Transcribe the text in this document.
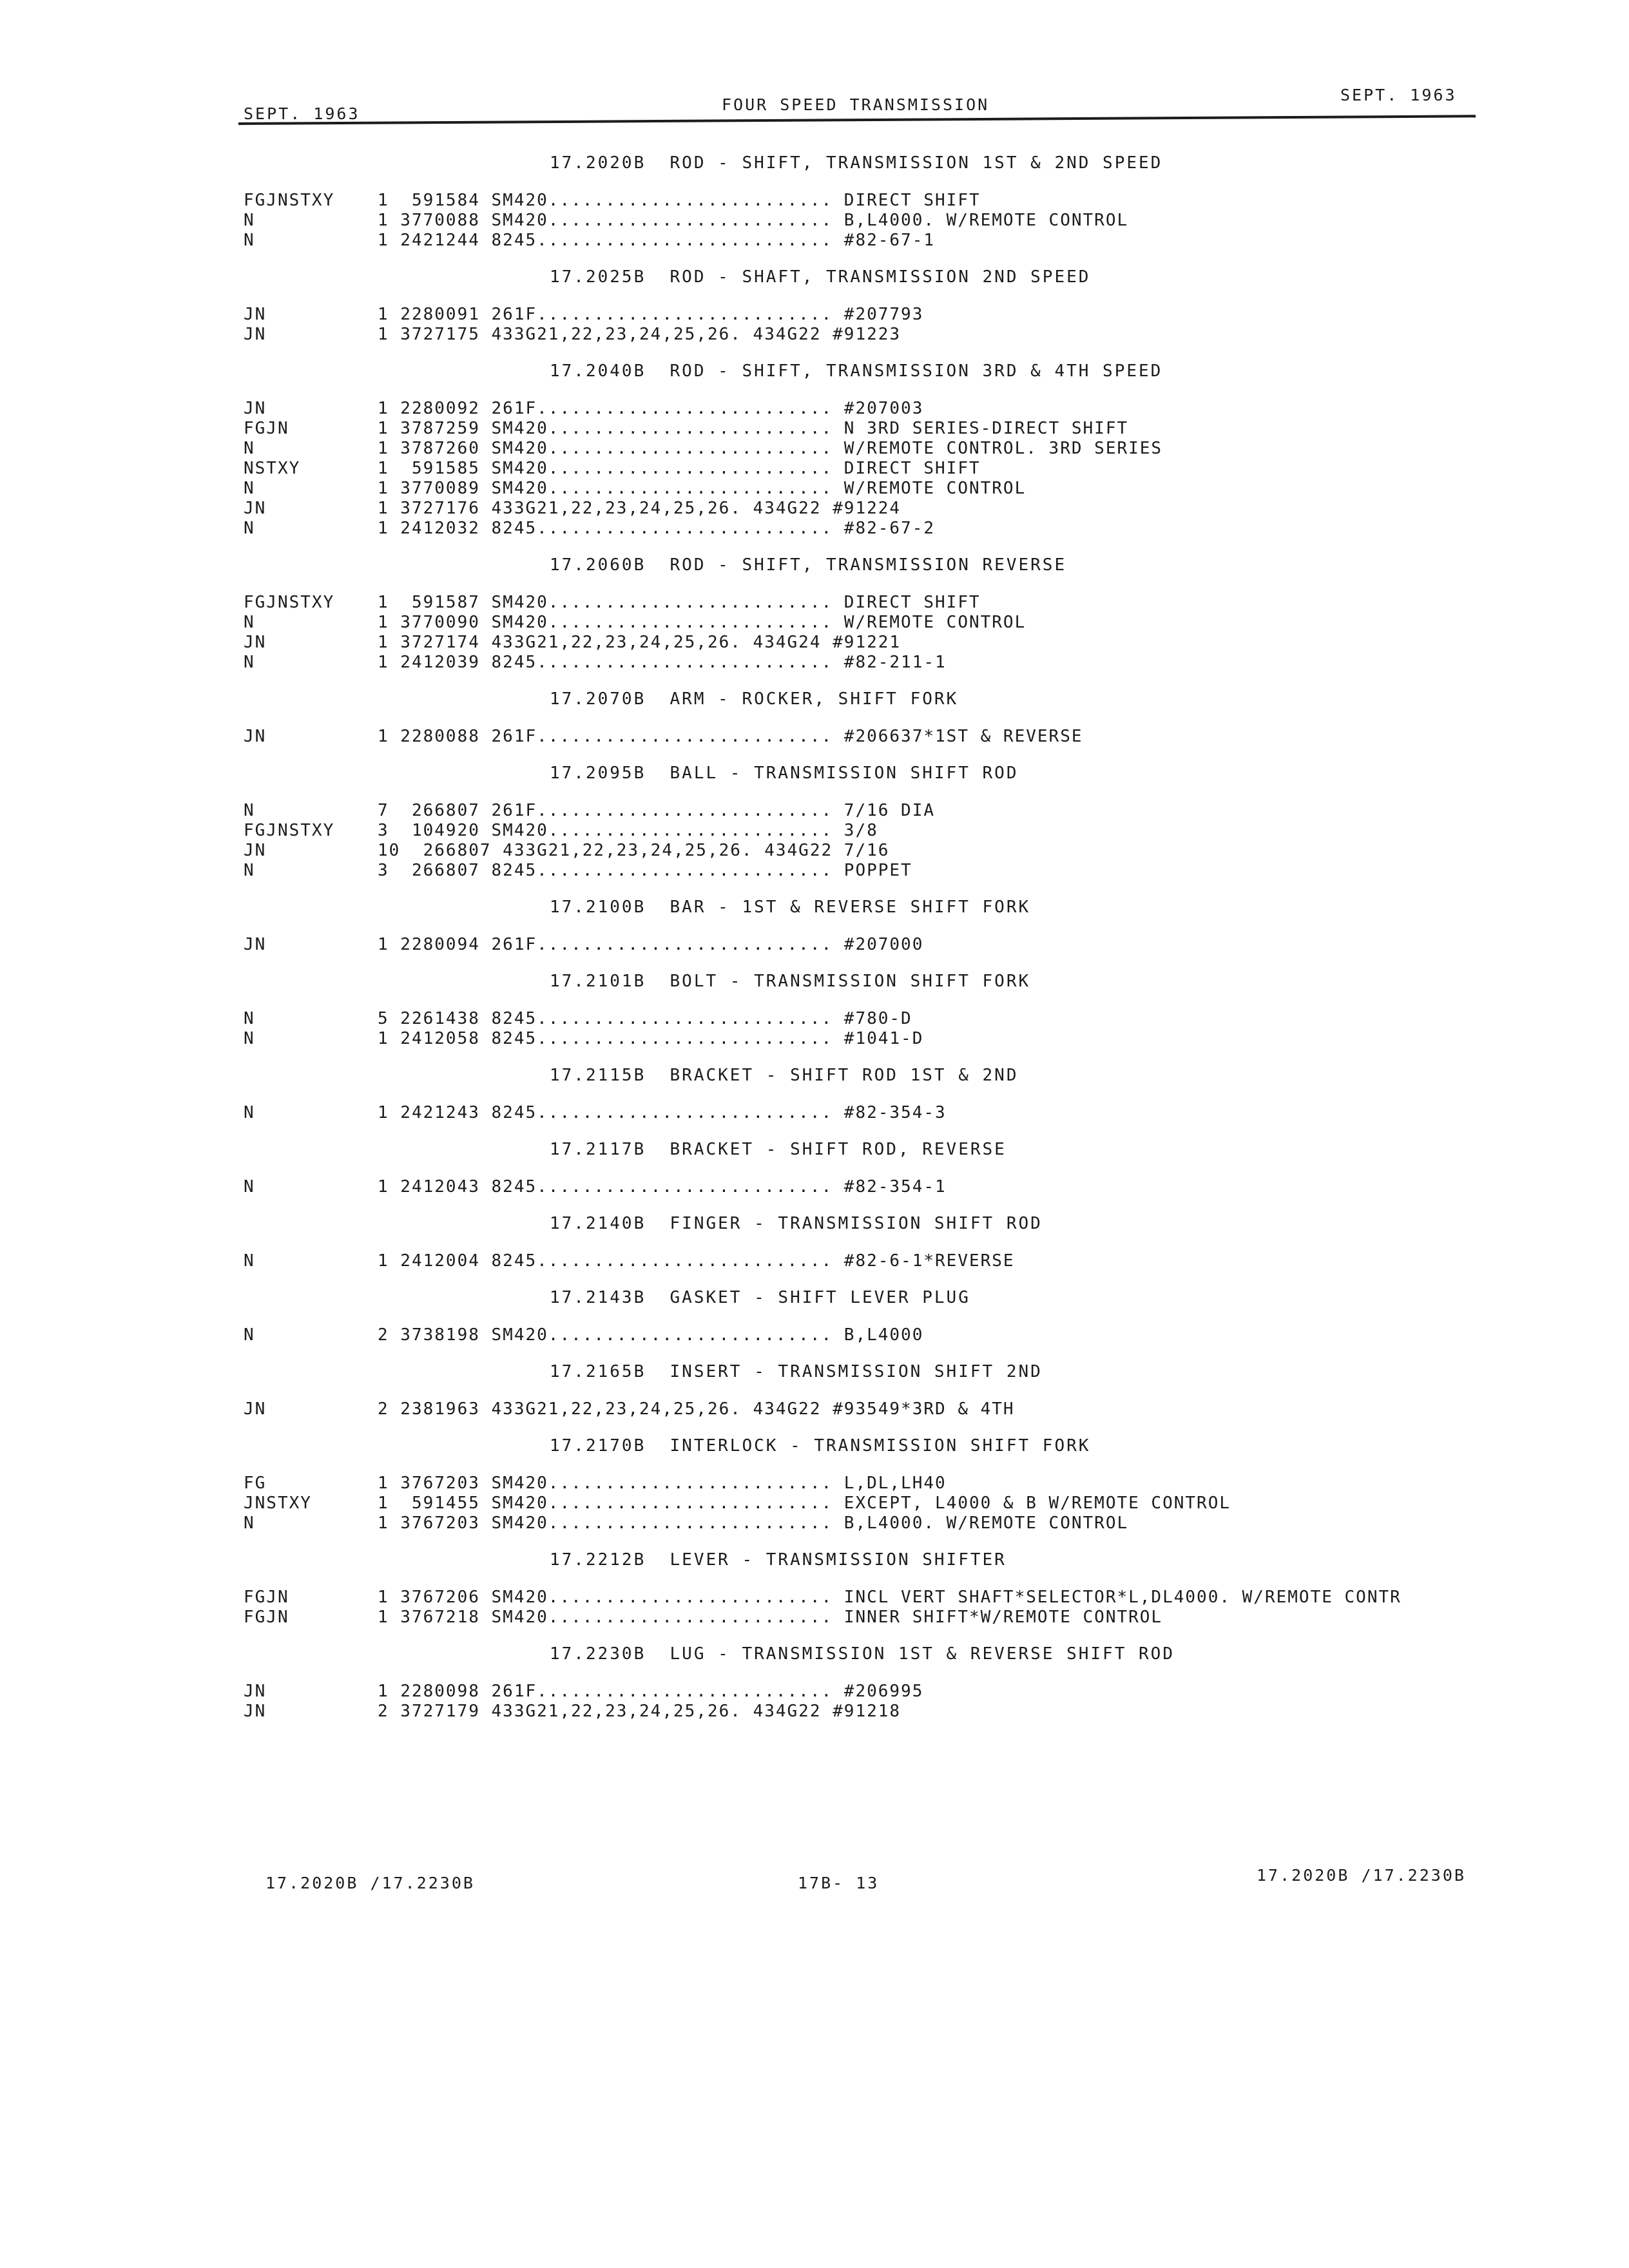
SEPT. 1963	FOUR SPEED TRANSMISSION
SEPT. 1963
17.2020B  ROD - SHIFT, TRANSMISSION 1ST & 2ND SPEED
FGJNSTXY	1  591584 SM420......................... DIRECT SHIFT
N	1 3770088 SM420......................... B,L4000. W/REMOTE CONTROL
N	1 2421244 8245.......................... #82-67-1
17.2025B  ROD - SHAFT, TRANSMISSION 2ND SPEED
JN	1 2280091 261F.......................... #207793
JN	1 3727175 433G21,22,23,24,25,26. 434G22 #91223
17.2040B  ROD - SHIFT, TRANSMISSION 3RD & 4TH SPEED
JN	1 2280092 261F.......................... #207003
FGJN	1 3787259 SM420......................... N 3RD SERIES-DIRECT SHIFT
N	1 3787260 SM420......................... W/REMOTE CONTROL. 3RD SERIES
NSTXY	1  591585 SM420......................... DIRECT SHIFT
N	1 3770089 SM420......................... W/REMOTE CONTROL
JN	1 3727176 433G21,22,23,24,25,26. 434G22 #91224
N	1 2412032 8245.......................... #82-67-2
17.2060B  ROD - SHIFT, TRANSMISSION REVERSE
FGJNSTXY	1  591587 SM420......................... DIRECT SHIFT
N	1 3770090 SM420......................... W/REMOTE CONTROL
JN	1 3727174 433G21,22,23,24,25,26. 434G24 #91221
N	1 2412039 8245.......................... #82-211-1
17.2070B  ARM - ROCKER, SHIFT FORK
JN	1 2280088 261F.......................... #206637*1ST & REVERSE
17.2095B  BALL - TRANSMISSION SHIFT ROD
N	7  266807 261F.......................... 7/16 DIA
FGJNSTXY	3  104920 SM420......................... 3/8
JN	10  266807 433G21,22,23,24,25,26. 434G22 7/16
N	3  266807 8245.......................... POPPET
17.2100B  BAR - 1ST & REVERSE SHIFT FORK
JN	1 2280094 261F.......................... #207000
17.2101B  BOLT - TRANSMISSION SHIFT FORK
N	5 2261438 8245.......................... #780-D
N	1 2412058 8245.......................... #1041-D
17.2115B  BRACKET - SHIFT ROD 1ST & 2ND
N	1 2421243 8245.......................... #82-354-3
17.2117B  BRACKET - SHIFT ROD, REVERSE
N	1 2412043 8245.......................... #82-354-1
17.2140B  FINGER - TRANSMISSION SHIFT ROD
N	1 2412004 8245.......................... #82-6-1*REVERSE
17.2143B  GASKET - SHIFT LEVER PLUG
N	2 3738198 SM420......................... B,L4000
17.2165B  INSERT - TRANSMISSION SHIFT 2ND
JN	2 2381963 433G21,22,23,24,25,26. 434G22 #93549*3RD & 4TH
17.2170B  INTERLOCK - TRANSMISSION SHIFT FORK
FG	1 3767203 SM420......................... L,DL,LH40
JNSTXY	1  591455 SM420......................... EXCEPT, L4000 & B W/REMOTE CONTROL
N	1 3767203 SM420......................... B,L4000. W/REMOTE CONTROL
17.2212B  LEVER - TRANSMISSION SHIFTER
FGJN	1 3767206 SM420......................... INCL VERT SHAFT*SELECTOR*L,DL4000. W/REMOTE CONTR
FGJN	1 3767218 SM420......................... INNER SHIFT*W/REMOTE CONTROL
17.2230B  LUG - TRANSMISSION 1ST & REVERSE SHIFT ROD
JN	1 2280098 261F.......................... #206995
JN	2 3727179 433G21,22,23,24,25,26. 434G22 #91218
17.2020B /17.2230B	17B- 13	17.2020B /17.2230B
